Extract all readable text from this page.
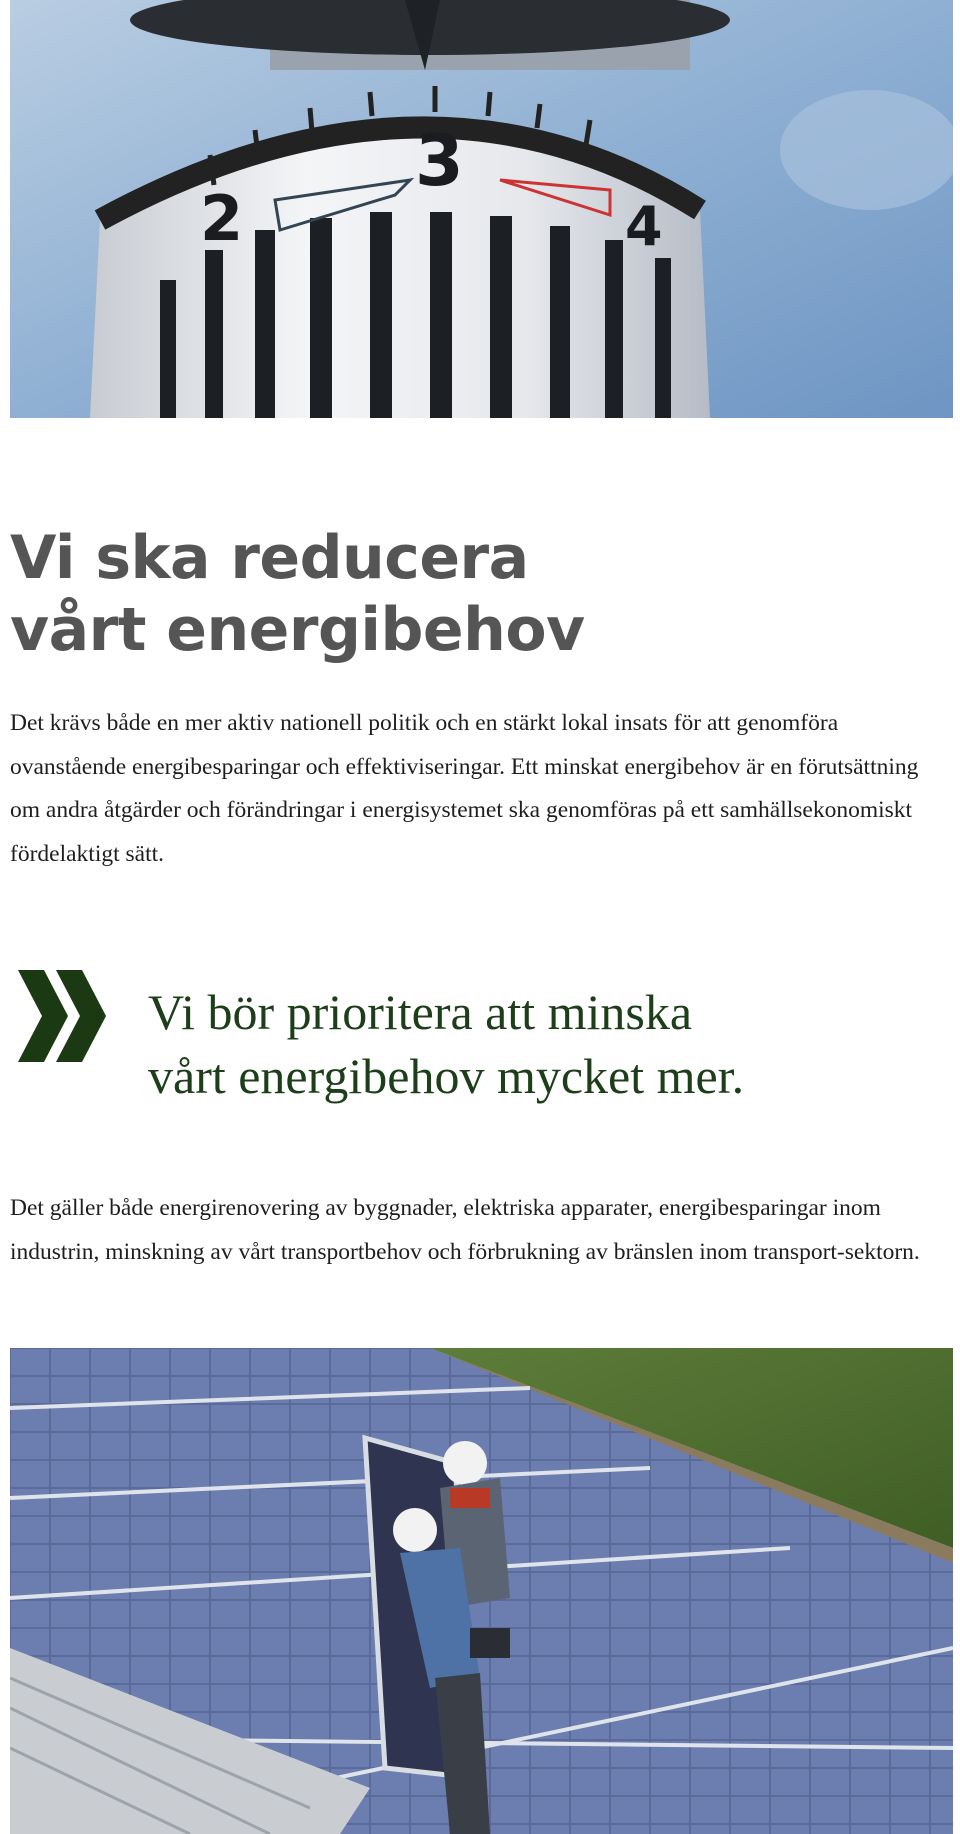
2
3
4
Vi ska reducera
vårt energibehov

Det krävs både en mer aktiv nationell politik och en stärkt lokal insats för att genomföra ovanstående energibesparingar och effektiviseringar. Ett minskat energibehov är en förutsättning om andra åtgärder och förändringar i energisystemet ska genomföras på ett samhällsekonomiskt fördelaktigt sätt.

Vi bör prioritera att minska
vårt energibehov mycket mer.

Det gäller både energirenovering av byggnader, elektriska apparater, energibesparingar inom industrin, minskning av vårt transportbehov och förbrukning av bränslen inom transport-sektorn.
